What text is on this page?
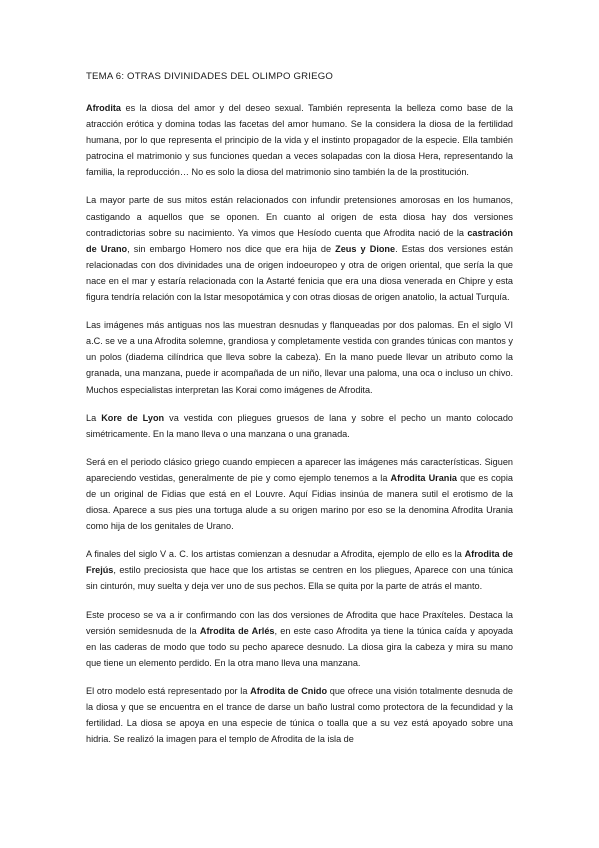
TEMA 6: OTRAS DIVINIDADES DEL OLIMPO GRIEGO

Afrodita es la diosa del amor y del deseo sexual. También representa la belleza como base de la atracción erótica y domina todas las facetas del amor humano. Se la considera la diosa de la fertilidad humana, por lo que representa el principio de la vida y el instinto propagador de la especie. Ella también patrocina el matrimonio y sus funciones quedan a veces solapadas con la diosa Hera, representando la familia, la reproducción… No es solo la diosa del matrimonio sino también la de la prostitución.

La mayor parte de sus mitos están relacionados con infundir pretensiones amorosas en los humanos, castigando a aquellos que se oponen. En cuanto al origen de esta diosa hay dos versiones contradictorias sobre su nacimiento. Ya vimos que Hesíodo cuenta que Afrodita nació de la castración de Urano, sin embargo Homero nos dice que era hija de Zeus y Dione. Estas dos versiones están relacionadas con dos divinidades una de origen indoeuropeo y otra de origen oriental, que sería la que nace en el mar y estaría relacionada con la Astarté fenicia que era una diosa venerada en Chipre y esta figura tendría relación con la Istar mesopotámica y con otras diosas de origen anatolio, la actual Turquía.

Las imágenes más antiguas nos las muestran desnudas y flanqueadas por dos palomas. En el siglo VI a.C. se ve a una Afrodita solemne, grandiosa y completamente vestida con grandes túnicas con mantos y un polos (diadema cilíndrica que lleva sobre la cabeza). En la mano puede llevar un atributo como la granada, una manzana, puede ir acompañada de un niño, llevar una paloma, una oca o incluso un chivo. Muchos especialistas interpretan las Korai como imágenes de Afrodita.

La Kore de Lyon va vestida con pliegues gruesos de lana y sobre el pecho un manto colocado simétricamente. En la mano lleva o una manzana o una granada.

Será en el periodo clásico griego cuando empiecen a aparecer las imágenes más características. Siguen apareciendo vestidas, generalmente de pie y como ejemplo tenemos a la Afrodita Urania que es copia de un original de Fidias que está en el Louvre. Aquí Fidias insinúa de manera sutil el erotismo de la diosa. Aparece a sus pies una tortuga alude a su origen marino por eso se la denomina Afrodita Urania como hija de los genitales de Urano.

A finales del siglo V a. C. los artistas comienzan a desnudar a Afrodita, ejemplo de ello es la Afrodita de Frejús, estilo preciosista que hace que los artistas se centren en los pliegues, Aparece con una túnica sin cinturón, muy suelta y deja ver uno de sus pechos. Ella se quita por la parte de atrás el manto.

Este proceso se va a ir confirmando con las dos versiones de Afrodita que hace Praxíteles. Destaca la versión semidesnuda de la Afrodita de Arlés, en este caso Afrodita ya tiene la túnica caída y apoyada en las caderas de modo que todo su pecho aparece desnudo. La diosa gira la cabeza y mira su mano que tiene un elemento perdido. En la otra mano lleva una manzana.

El otro modelo está representado por la Afrodita de Cnido que ofrece una visión totalmente desnuda de la diosa y que se encuentra en el trance de darse un baño lustral como protectora de la fecundidad y la fertilidad. La diosa se apoya en una especie de túnica o toalla que a su vez está apoyado sobre una hidria. Se realizó la imagen para el templo de Afrodita de la isla de
